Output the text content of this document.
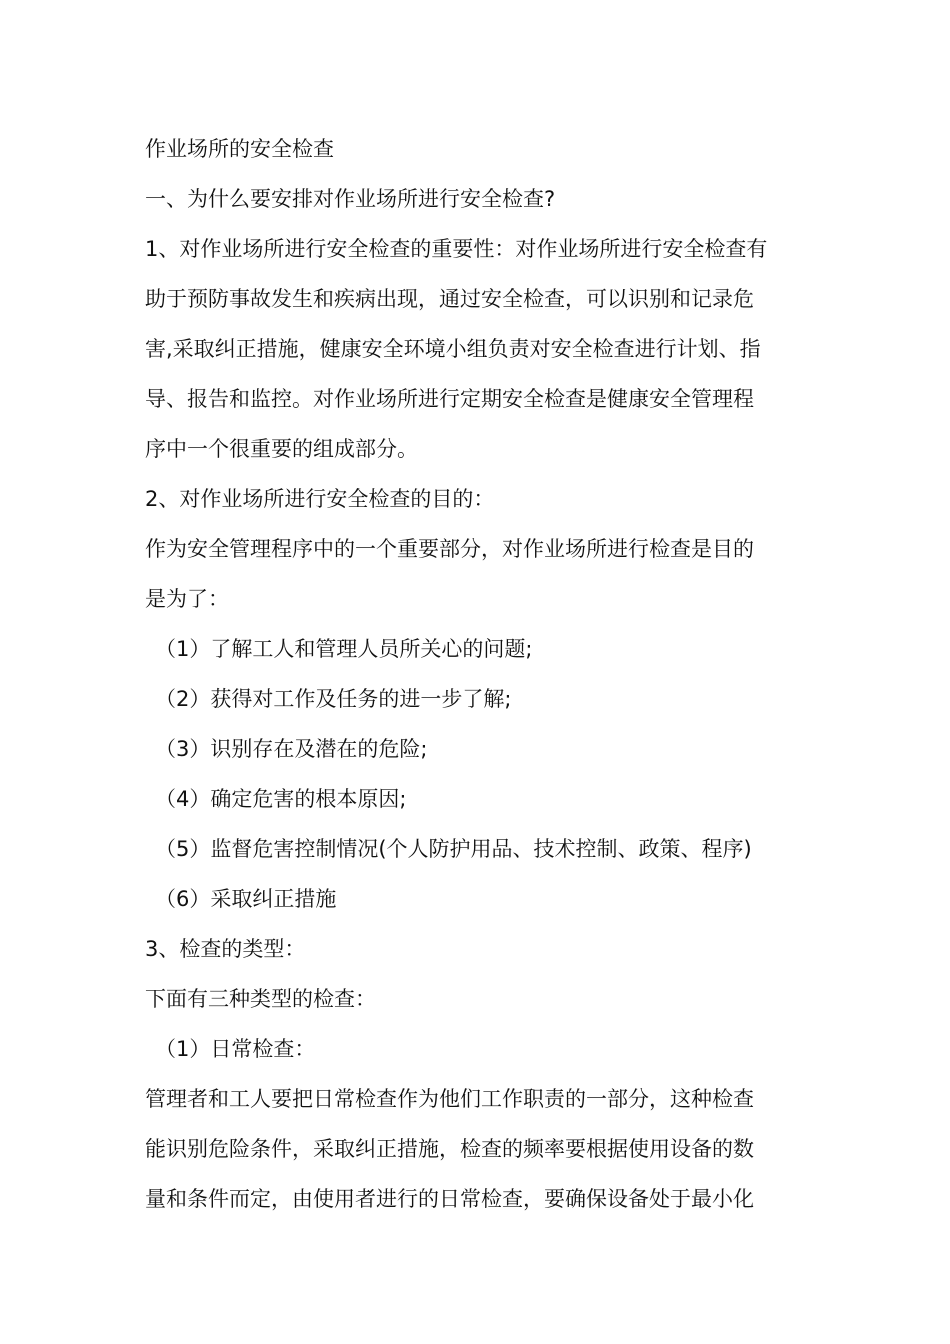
作业场所的安全检查
一、为什么要安排对作业场所进行安全检查?
1、对作业场所进行安全检查的重要性：对作业场所进行安全检查有
助于预防事故发生和疾病出现，通过安全检查，可以识别和记录危
害,采取纠正措施，健康安全环境小组负责对安全检查进行计划、指
导、报告和监控。对作业场所进行定期安全检查是健康安全管理程
序中一个很重要的组成部分。
2、对作业场所进行安全检查的目的：
作为安全管理程序中的一个重要部分，对作业场所进行检查是目的
是为了：
（1）了解工人和管理人员所关心的问题;
（2）获得对工作及任务的进一步了解;
（3）识别存在及潜在的危险;
（4）确定危害的根本原因;
（5）监督危害控制情况(个人防护用品、技术控制、政策、程序)
（6）采取纠正措施
3、检查的类型：
下面有三种类型的检查：
（1）日常检查：
管理者和工人要把日常检查作为他们工作职责的一部分，这种检查
能识别危险条件，采取纠正措施，检查的频率要根据使用设备的数
量和条件而定，由使用者进行的日常检查，要确保设备处于最小化
